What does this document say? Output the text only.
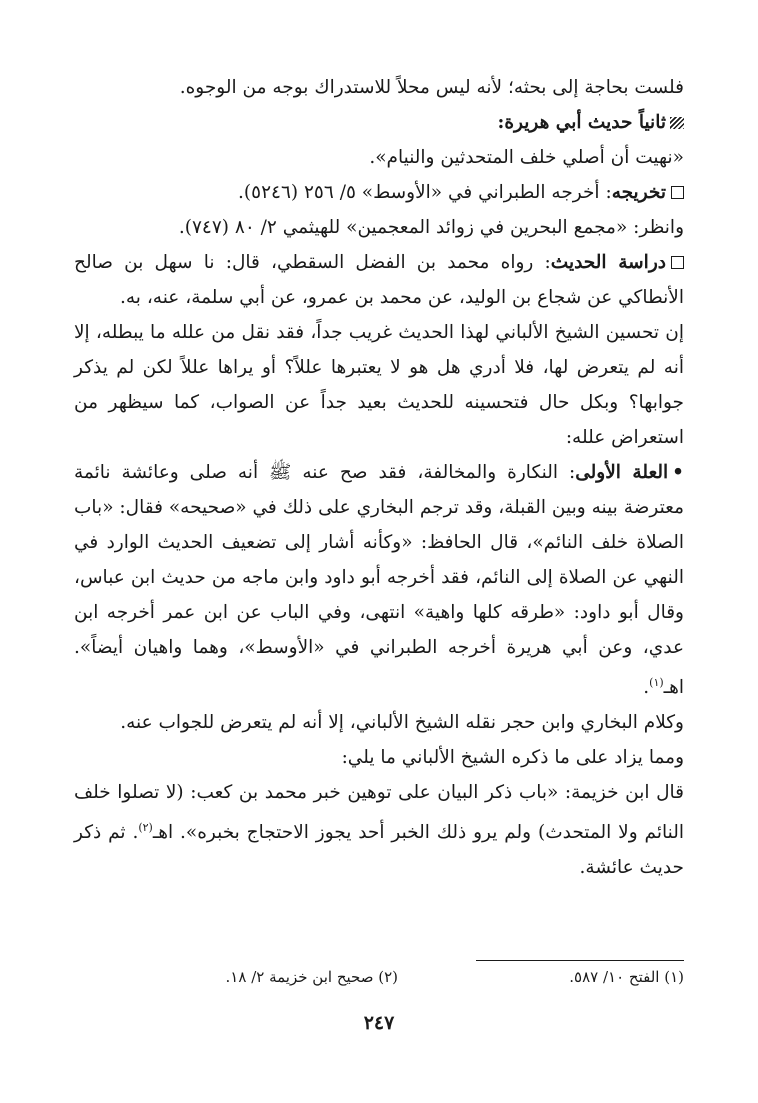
فلست بحاجة إلى بحثه؛ لأنه ليس محلاً للاستدراك بوجه من الوجوه.

ثانياً حديث أبي هريرة:

«نهيت أن أصلي خلف المتحدثين والنيام».

تخريجه: أخرجه الطبراني في «الأوسط» ٥/ ٢٥٦ (٥٢٤٦).

وانظر: «مجمع البحرين في زوائد المعجمين» للهيثمي ٢/ ٨٠ (٧٤٧).

دراسة الحديث: رواه محمد بن الفضل السقطي، قال: نا سهل بن صالح الأنطاكي عن شجاع بن الوليد، عن محمد بن عمرو، عن أبي سلمة، عنه، به.

إن تحسين الشيخ الألباني لهذا الحديث غريب جداً، فقد نقل من علله ما يبطله، إلا أنه لم يتعرض لها، فلا أدري هل هو لا يعتبرها عللاً؟ أو يراها عللاً لكن لم يذكر جوابها؟ وبكل حال فتحسينه للحديث بعيد جداً عن الصواب، كما سيظهر من استعراض علله:

•العلة الأولى: النكارة والمخالفة، فقد صح عنه ﷺ أنه صلى وعائشة نائمة معترضة بينه وبين القبلة، وقد ترجم البخاري على ذلك في «صحيحه» فقال: «باب الصلاة خلف النائم»، قال الحافظ: «وكأنه أشار إلى تضعيف الحديث الوارد في النهي عن الصلاة إلى النائم، فقد أخرجه أبو داود وابن ماجه من حديث ابن عباس، وقال أبو داود: «طرقه كلها واهية» انتهى، وفي الباب عن ابن عمر أخرجه ابن عدي، وعن أبي هريرة أخرجه الطبراني في «الأوسط»، وهما واهيان أيضاً». اهـ$^{(١)}$.

وكلام البخاري وابن حجر نقله الشيخ الألباني، إلا أنه لم يتعرض للجواب عنه.

ومما يزاد على ما ذكره الشيخ الألباني ما يلي:

قال ابن خزيمة: «باب ذكر البيان على توهين خبر محمد بن كعب: (لا تصلوا خلف النائم ولا المتحدث) ولم يرو ذلك الخبر أحد يجوز الاحتجاج بخبره». اهـ$^{(٢)}$. ثم ذكر حديث عائشة.

(١) الفتح ١٠/ ٥٨٧.
(٢) صحيح ابن خزيمة ٢/ ١٨.
٢٤٧
